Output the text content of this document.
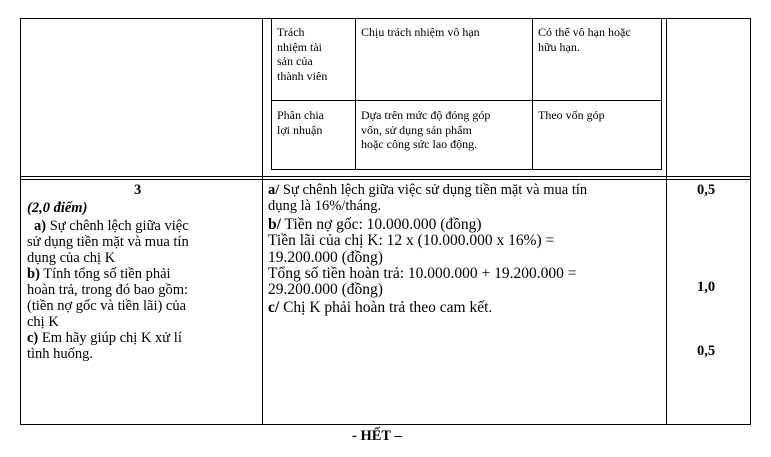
Trách
nhiệm tài
sản của
thành viên
Chịu trách nhiệm vô hạn	Có thể vô hạn hoặc
hữu hạn.
Phân chia
lợi nhuận
Dựa trên mức độ đóng góp
vốn, sử dụng sản phẩm
hoặc công sức lao động.
Theo vốn góp
3
(2,0 điểm)
a) Sự chênh lệch giữa việc
sử dụng tiền mặt và mua tín
dụng của chị K
b) Tính tổng số tiền phải
hoàn trả, trong đó bao gồm:
(tiền nợ gốc và tiền lãi) của
chị K
c) Em hãy giúp chị K xử lí
tình huống.
a/ Sự chênh lệch giữa việc sử dụng tiền mặt và mua tín
dụng là 16%/tháng.
b/ Tiền nợ gốc: 10.000.000 (đồng)
Tiền lãi của chị K: 12 x (10.000.000 x 16%) =
19.200.000 (đồng)
Tổng số tiền hoàn trả: 10.000.000 + 19.200.000 =
29.200.000 (đồng)
c/ Chị K phải hoàn trả theo cam kết.
0,5
1,0
0,5
- HẾT –
